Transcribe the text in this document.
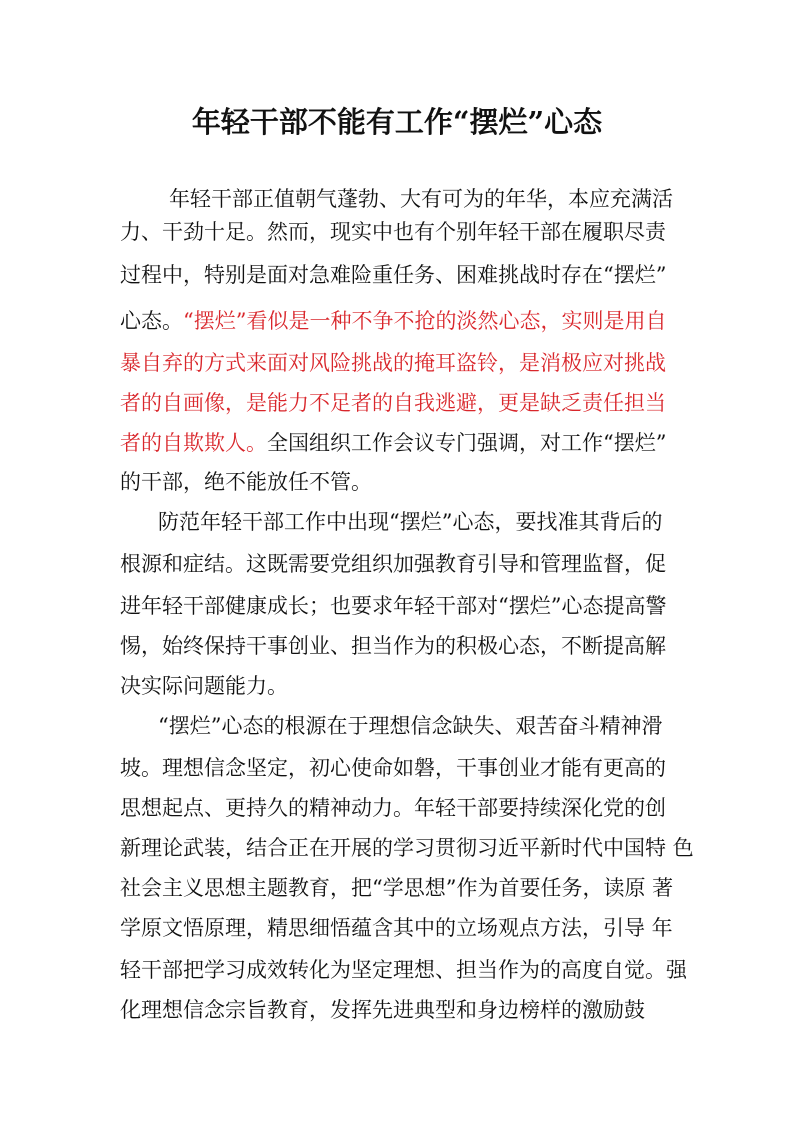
年轻干部不能有工作“摆烂”心态
　年轻干部正值朝气蓬勃、大有可为的年华，本应充满活
力、干劲十足。然而，现实中也有个别年轻干部在履职尽责
过程中，特别是面对急难险重任务、困难挑战时存在“摆烂”
心态。“摆烂”看似是一种不争不抢的淡然心态，实则是用自
暴自弃的方式来面对风险挑战的掩耳盗铃，是消极应对挑战
者的自画像，是能力不足者的自我逃避，更是缺乏责任担当
者的自欺欺人。全国组织工作会议专门强调，对工作“摆烂”
的干部，绝不能放任不管。
　防范年轻干部工作中出现“摆烂”心态，要找准其背后的
根源和症结。这既需要党组织加强教育引导和管理监督，促
进年轻干部健康成长；也要求年轻干部对“摆烂”心态提高警
惕，始终保持干事创业、担当作为的积极心态，不断提高解
决实际问题能力。
　“摆烂”心态的根源在于理想信念缺失、艰苦奋斗精神滑
坡。理想信念坚定，初心使命如磐，干事创业才能有更高的
思想起点、更持久的精神动力。年轻干部要持续深化党的创
新理论武装，结合正在开展的学习贯彻习近平新时代中国特 色
社会主义思想主题教育，把“学思想”作为首要任务，读原 著
学原文悟原理，精思细悟蕴含其中的立场观点方法，引导 年
轻干部把学习成效转化为坚定理想、担当作为的高度自觉。强
化理想信念宗旨教育，发挥先进典型和身边榜样的激励鼓
